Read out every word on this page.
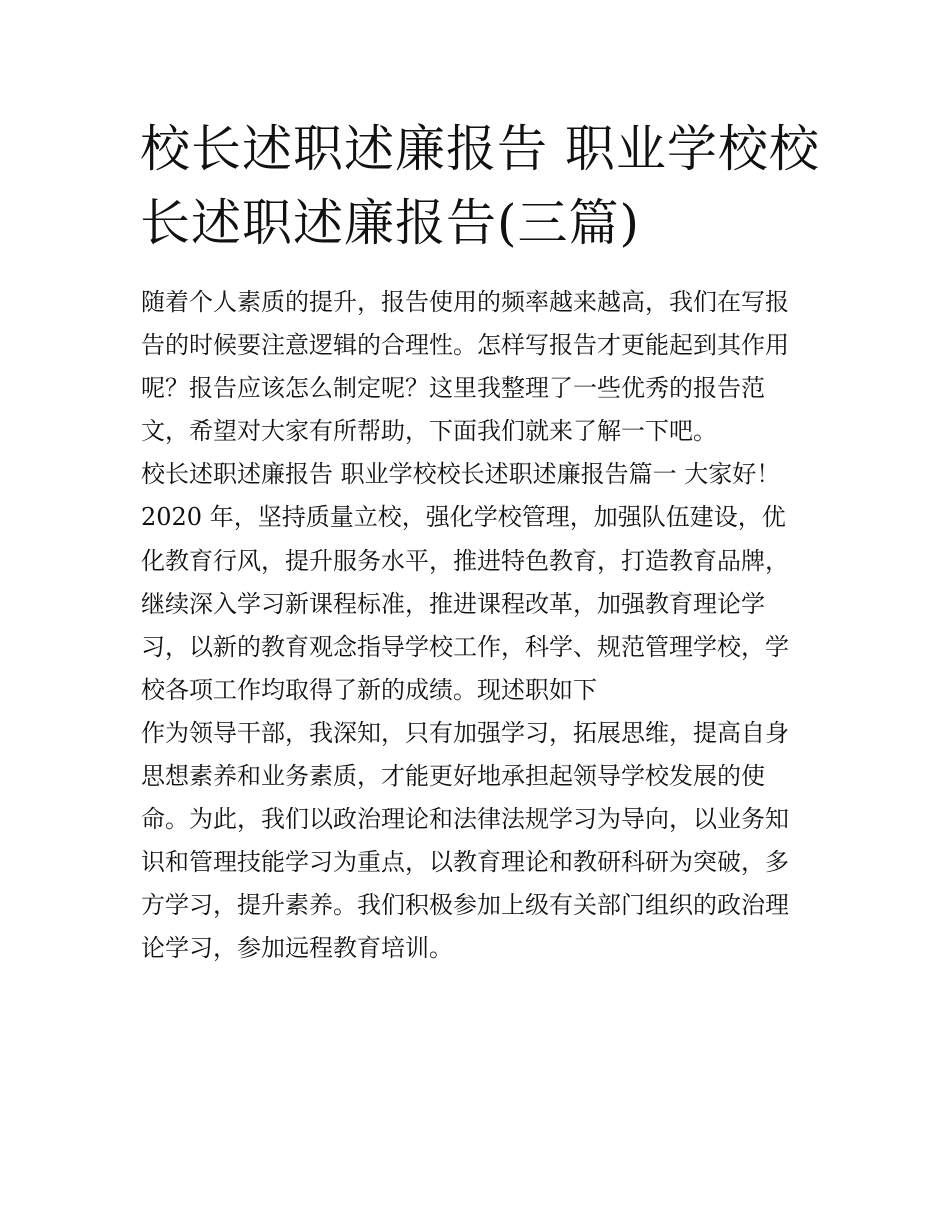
校长述职述廉报告 职业学校校
长述职述廉报告(三篇)
随着个人素质的提升，报告使用的频率越来越高，我们在写报
告的时候要注意逻辑的合理性。怎样写报告才更能起到其作用
呢？报告应该怎么制定呢？这里我整理了一些优秀的报告范
文，希望对大家有所帮助，下面我们就来了解一下吧。
校长述职述廉报告 职业学校校长述职述廉报告篇一 大家好！
2020 年，坚持质量立校，强化学校管理，加强队伍建设，优
化教育行风，提升服务水平，推进特色教育，打造教育品牌，
继续深入学习新课程标准，推进课程改革，加强教育理论学
习，以新的教育观念指导学校工作，科学、规范管理学校，学
校各项工作均取得了新的成绩。现述职如下
作为领导干部，我深知，只有加强学习，拓展思维，提高自身
思想素养和业务素质，才能更好地承担起领导学校发展的使
命。为此，我们以政治理论和法律法规学习为导向，以业务知
识和管理技能学习为重点，以教育理论和教研科研为突破，多
方学习，提升素养。我们积极参加上级有关部门组织的政治理
论学习，参加远程教育培训。
